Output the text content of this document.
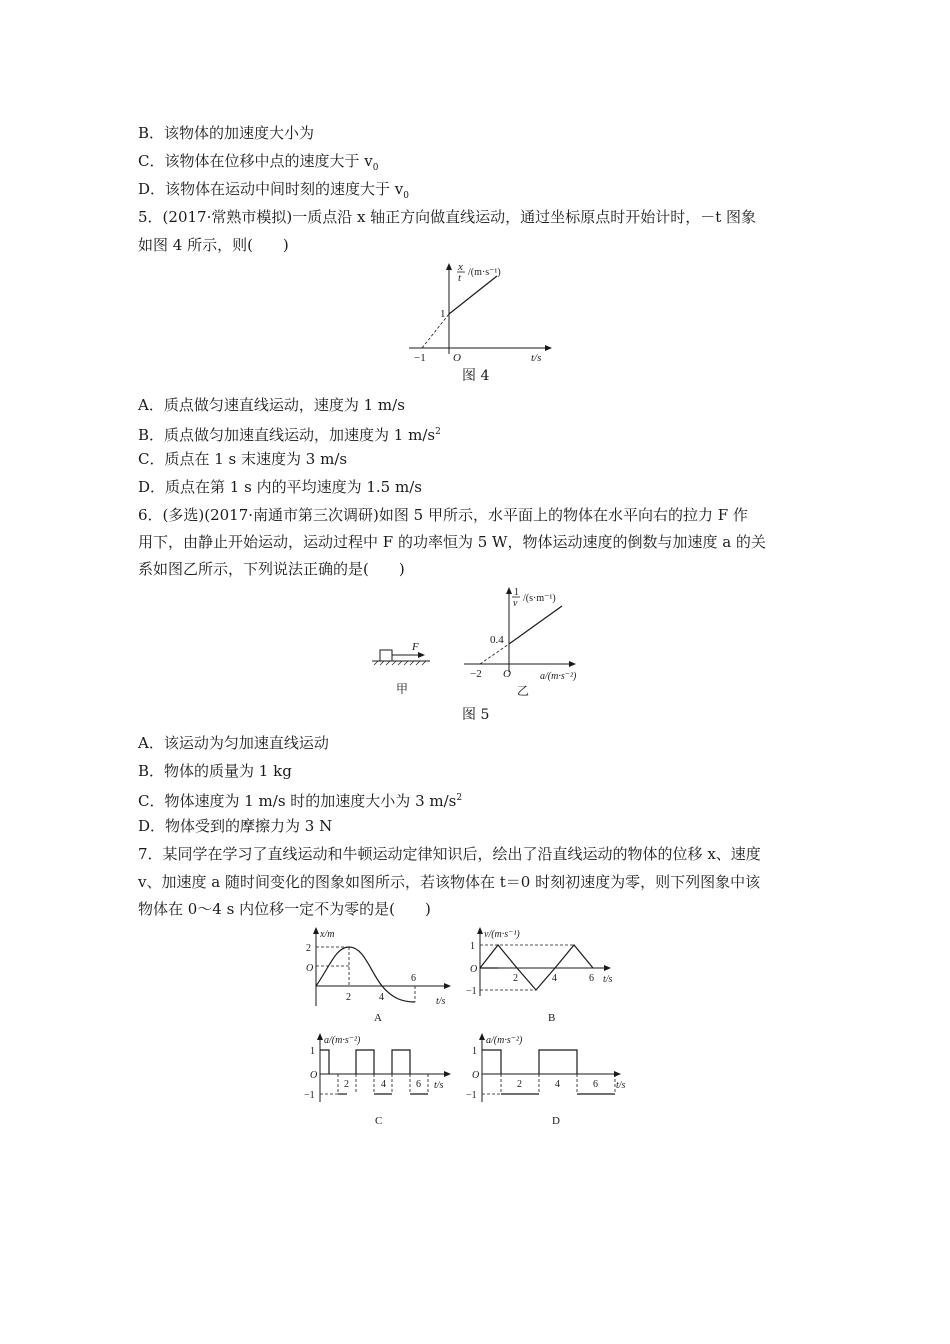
B．该物体的加速度大小为
C．该物体在位移中点的速度大于 $v_0$
D．该物体在运动中间时刻的速度大于 $v_0$
5．(2017·常熟市模拟)一质点沿 x 轴正方向做直线运动，通过坐标原点时开始计时，－t 图象
如图 4 所示，则(　　)
x
t /(m·s⁻¹)
1
−1 O	t/s
图 4
A．质点做匀速直线运动，速度为 1 m/s
B．质点做匀加速直线运动，加速度为 1 $m/s^2$
C．质点在 1 s 末速度为 3 m/s
D．质点在第 1 s 内的平均速度为 1.5 m/s
6．(多选)(2017·南通市第三次调研)如图 5 甲所示，水平面上的物体在水平向右的拉力 F 作
用下，由静止开始运动，运动过程中 F 的功率恒为 5 W，物体运动速度的倒数与加速度 a 的关
系如图乙所示，下列说法正确的是(　　)
F
甲
1
v /(s·m⁻¹)
0.4
−2 O	a/(m·s⁻²)
乙
图 5
A．该运动为匀加速直线运动
B．物体的质量为 1 kg
C．物体速度为 1 m/s 时的加速度大小为 3 $m/s^2$
D．物体受到的摩擦力为 3 N
7．某同学在学习了直线运动和牛顿运动定律知识后，绘出了沿直线运动的物体的位移 x、速度
v、加速度 a 随时间变化的图象如图所示，若该物体在 t＝0 时刻初速度为零，则下列图象中该
物体在 0～4 s 内位移一定不为零的是(　　)
x/m
2
O
2	4
6
t/s
A
v/(m·s⁻¹)
1
−1
O
2	4	6 t/s
B
a/(m·s⁻²)
1
−1
O
2	4	6 t/s
C
a/(m·s⁻²)
1
−1
O
2	4	6 t/s
D
